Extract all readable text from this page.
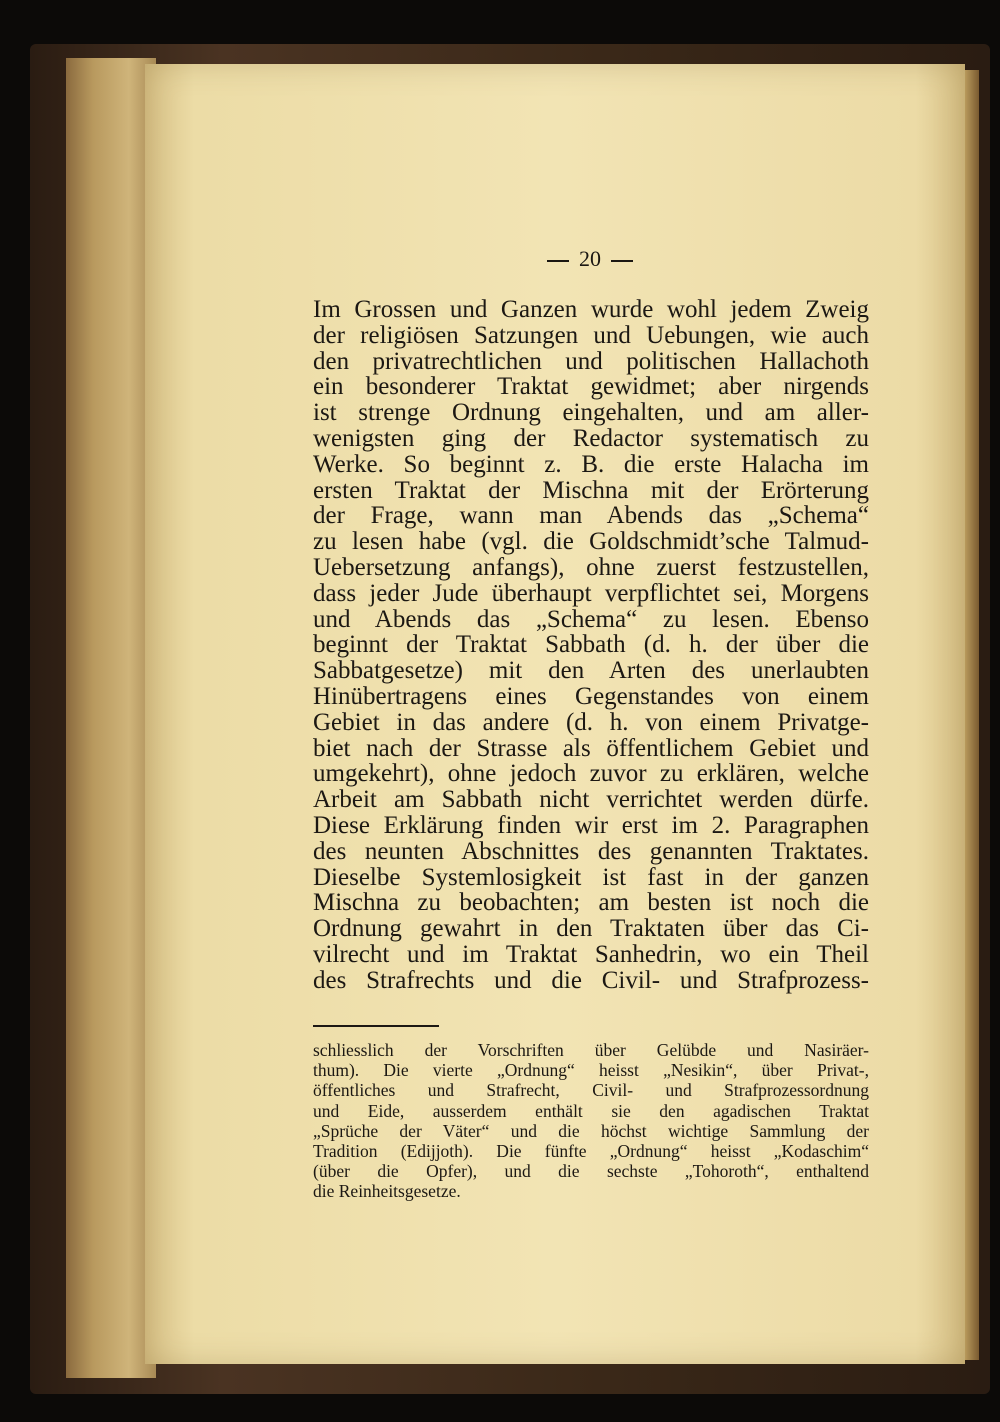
20
Im Grossen und Ganzen wurde wohl jedem Zweig
der religiösen Satzungen und Uebungen, wie auch
den privatrechtlichen und politischen Hallachoth
ein besonderer Traktat gewidmet; aber nirgends
ist strenge Ordnung eingehalten, und am aller-
wenigsten ging der Redactor systematisch zu
Werke. So beginnt z. B. die erste Halacha im
ersten Traktat der Mischna mit der Erörterung
der Frage, wann man Abends das „Schema“
zu lesen habe (vgl. die Goldschmidt’sche Talmud-
Uebersetzung anfangs), ohne zuerst festzustellen,
dass jeder Jude überhaupt verpflichtet sei, Morgens
und Abends das „Schema“ zu lesen. Ebenso
beginnt der Traktat Sabbath (d. h. der über die
Sabbatgesetze) mit den Arten des unerlaubten
Hinübertragens eines Gegenstandes von einem
Gebiet in das andere (d. h. von einem Privatge-
biet nach der Strasse als öffentlichem Gebiet und
umgekehrt), ohne jedoch zuvor zu erklären, welche
Arbeit am Sabbath nicht verrichtet werden dürfe.
Diese Erklärung finden wir erst im 2. Paragraphen
des neunten Abschnittes des genannten Traktates.
Dieselbe Systemlosigkeit ist fast in der ganzen
Mischna zu beobachten; am besten ist noch die
Ordnung gewahrt in den Traktaten über das Ci-
vilrecht und im Traktat Sanhedrin, wo ein Theil
des Strafrechts und die Civil- und Strafprozess-
schliesslich der Vorschriften über Gelübde und Nasiräer-
thum). Die vierte „Ordnung“ heisst „Nesikin“, über Privat-,
öffentliches und Strafrecht, Civil- und Strafprozessordnung
und Eide, ausserdem enthält sie den agadischen Traktat
„Sprüche der Väter“ und die höchst wichtige Sammlung der
Tradition (Edijjoth). Die fünfte „Ordnung“ heisst „Kodaschim“
(über die Opfer), und die sechste „Tohoroth“, enthaltend
die Reinheitsgesetze.
